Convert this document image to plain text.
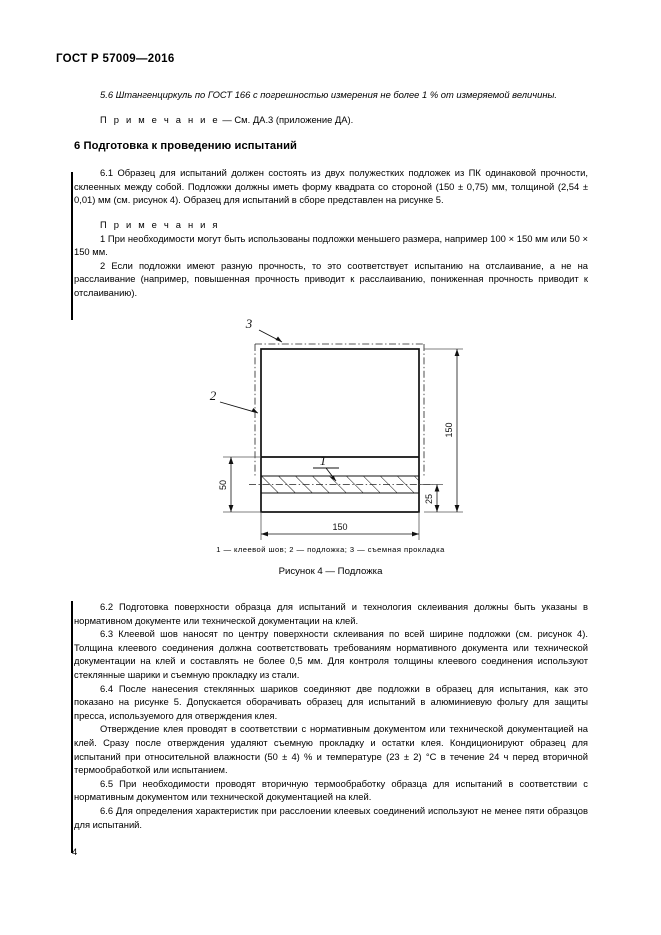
ГОСТ Р 57009—2016

5.6 Штангенциркуль по ГОСТ 166 с погрешностью измерения не более 1 % от измеряемой величины.

П р и м е ч а н и е — См. ДА.3 (приложение ДА).

6 Подготовка к проведению испытаний

6.1 Образец для испытаний должен состоять из двух полужестких подложек из ПК одинаковой прочности, склеенных между собой. Подложки должны иметь форму квадрата со стороной (150 ± 0,75) мм, толщиной (2,54 ± 0,01) мм (см. рисунок 4). Образец для испытаний в сборе представлен на рисунке 5.

П р и м е ч а н и я

1 При необходимости могут быть использованы подложки меньшего размера, например 100 × 150 мм или 50 × 150 мм.

2 Если подложки имеют разную прочность, то это соответствует испытанию на отслаивание, а не на расслаивание (например, повышенная прочность приводит к расслаиванию, пониженная прочность приводит к отслаиванию).

3
2
1
150
25
50
150
1 — клеевой шов; 2 — подложка; 3 — съемная прокладка
Рисунок 4 — Подложка

6.2 Подготовка поверхности образца для испытаний и технология склеивания должны быть указаны в нормативном документе или технической документации на клей.

6.3 Клеевой шов наносят по центру поверхности склеивания по всей ширине подложки (см. рисунок 4). Толщина клеевого соединения должна соответствовать требованиям нормативного документа или технической документации на клей и составлять не более 0,5 мм. Для контроля толщины клеевого соединения используют стеклянные шарики и съемную прокладку из стали.

6.4 После нанесения стеклянных шариков соединяют две подложки в образец для испытания, как это показано на рисунке 5. Допускается оборачивать образец для испытаний в алюминиевую фольгу для защиты пресса, используемого для отверждения клея.

Отверждение клея проводят в соответствии с нормативным документом или технической документацией на клей. Сразу после отверждения удаляют съемную прокладку и остатки клея. Кондиционируют образец для испытаний при относительной влажности (50 ± 4) % и температуре (23 ± 2) °С в течение 24 ч перед вторичной термообработкой или испытанием.

6.5 При необходимости проводят вторичную термообработку образца для испытаний в соответствии с нормативным документом или технической документацией на клей.

6.6 Для определения характеристик при расслоении клеевых соединений используют не менее пяти образцов для испытаний.

4
